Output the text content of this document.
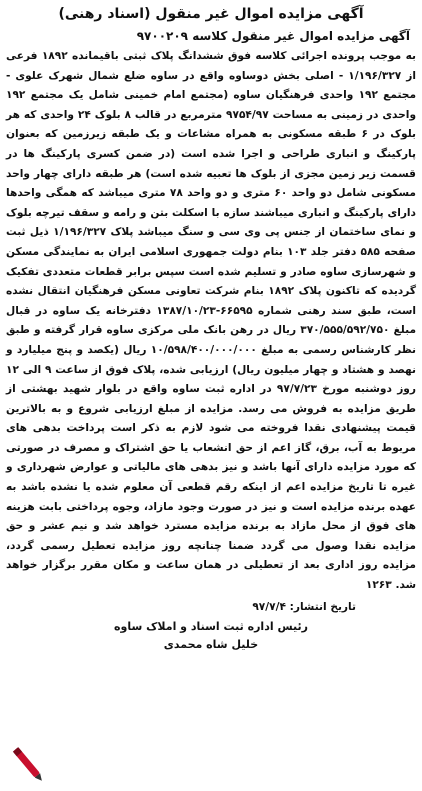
آگهی مزایده اموال غیر منقول (اسناد رهنی)
آگهی مزایده اموال غیر منقول کلاسه ۹۷۰۰۲۰۹

به موجب پرونده اجرائی کلاسه فوق ششدانگ پلاک ثبتی باقیمانده ۱۸۹۲ فرعی از ۱/۱۹۶/۳۲۷ - اصلی بخش دوساوه واقع در ساوه ضلع شمال شهرک علوی - مجتمع ۱۹۲ واحدی فرهنگیان ساوه (مجتمع امام خمینی شامل یک مجتمع ۱۹۲ واحدی در زمینی به مساحت ۹۷۵۴/۹۷ مترمربع در قالب ۸ بلوک ۲۴ واحدی که هر بلوک در ۶ طبقه مسکونی به همراه مشاعات و یک طبقه زیرزمین که بعنوان پارکینگ و انباری طراحی و اجرا شده است (در ضمن کسری پارکینگ ها در قسمت زیر زمین مجزی از بلوک ها تعبیه شده است) هر طبقه دارای چهار واحد مسکونی شامل دو واحد ۶۰ متری و دو واحد ۷۸ متری میباشد که همگی واحدها دارای پارکینگ و انباری میباشند سازه با اسکلت بتن و رامه و سقف تیرچه بلوک و نمای ساختمان از جنس پی وی سی و سنگ میباشد پلاک ۱/۱۹۶/۳۲۷ ذیل ثبت صفحه ۵۸۵ دفتر جلد ۱۰۳ بنام دولت جمهوری اسلامی ایران به نمایندگی مسکن و شهرسازی ساوه صادر و تسلیم شده است سپس برابر قطعات متعددی تفکیک گردیده که تاکنون پلاک ۱۸۹۲ بنام شرکت تعاونی مسکن فرهنگیان انتقال نشده است، طبق سند رهنی شماره ۶۶۵۹۵-۱۳۸۷/۱۰/۲۳ دفترخانه یک ساوه در قبال مبلغ ۳۷۰/۵۵۵/۵۹۲/۷۵۰ ریال در رهن بانک ملی مرکزی ساوه قرار گرفته و طبق نظر کارشناس رسمی به مبلغ ۱۰/۵۹۸/۴۰۰/۰۰۰/۰۰۰ ریال (یکصد و پنج میلیارد و نهصد و هشتاد و چهار میلیون ریال) ارزیابی شده، پلاک فوق از ساعت ۹ الی ۱۲ روز دوشنبه مورخ ۹۷/۷/۲۳ در اداره ثبت ساوه واقع در بلوار شهید بهشتی از طریق مزایده به فروش می رسد. مزایده از مبلغ ارزیابی شروع و به بالاترین قیمت پیشنهادی نقدا فروخته می شود لازم به ذکر است پرداخت بدهی های مربوط به آب، برق، گاز اعم از حق انشعاب یا حق اشتراک و مصرف در صورتی که مورد مزایده دارای آنها باشد و نیز بدهی های مالیاتی و عوارض شهرداری و غیره تا تاریخ مزایده اعم از اینکه رقم قطعی آن معلوم شده یا نشده باشد به عهده برنده مزایده است و نیز در صورت وجود مازاد، وجوه پرداختی بابت هزینه های فوق از محل مازاد به برنده مزایده مسترد خواهد شد و نیم عشر و حق مزایده نقدا وصول می گردد ضمنا چنانچه روز مزایده تعطیل رسمی گردد، مزایده روز اداری بعد از تعطیلی در همان ساعت و مکان مقرر برگزار خواهد شد. ۱۲۶۳

تاریخ انتشار: ۹۷/۷/۴
رئیس اداره ثبت اسناد و املاک ساوه
خلیل شاه محمدی
